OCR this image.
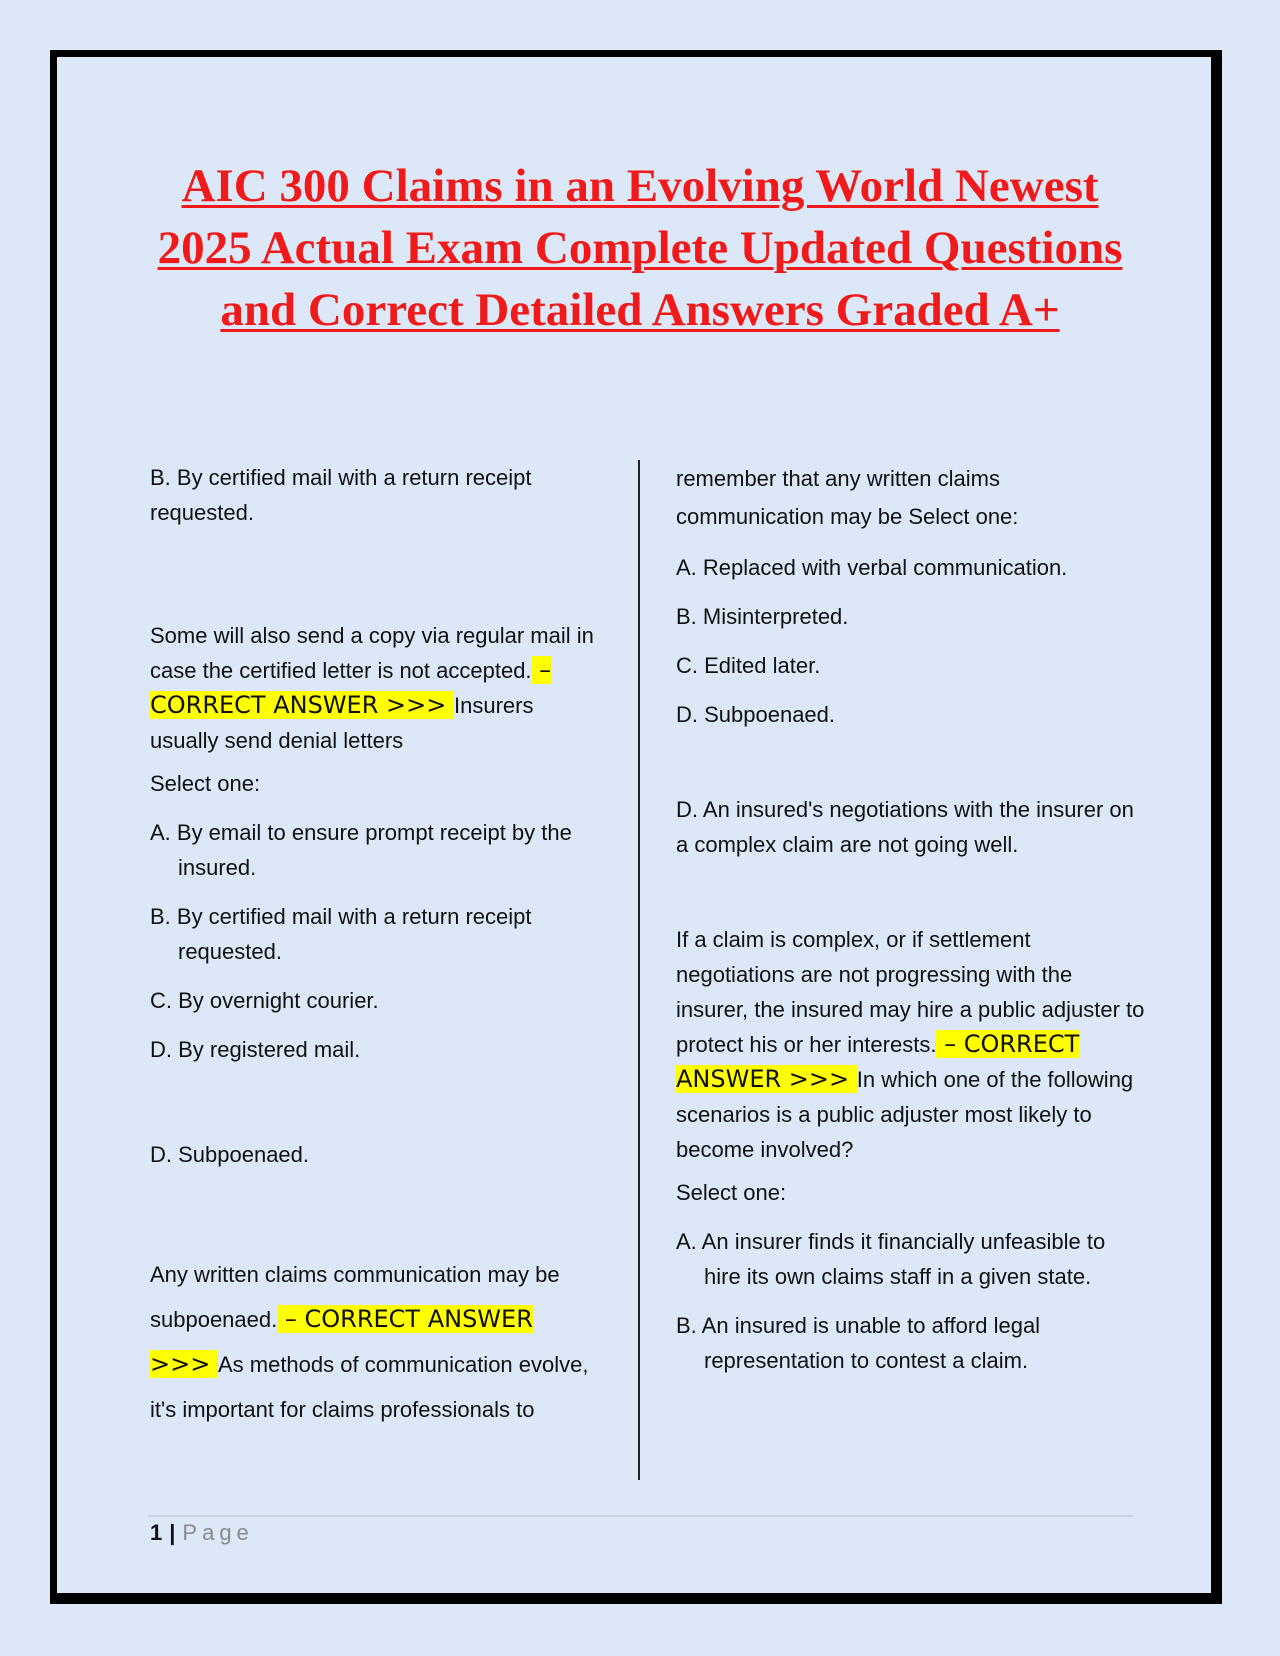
AIC 300 Claims in an Evolving World Newest 2025 Actual Exam Complete Updated Questions and Correct Detailed Answers Graded A+

B. By certified mail with a return receipt requested.

Some will also send a copy via regular mail in case the certified letter is not accepted. – CORRECT ANSWER >>> Insurers usually send denial letters

Select one:

A. By email to ensure prompt receipt by the insured.

B. By certified mail with a return receipt requested.

C. By overnight courier.

D. By registered mail.

D. Subpoenaed.

Any written claims communication may be subpoenaed. – CORRECT ANSWER >>> As methods of communication evolve, it's important for claims professionals to

remember that any written claims communication may be Select one:

A. Replaced with verbal communication.

B. Misinterpreted.

C. Edited later.

D. Subpoenaed.

D. An insured's negotiations with the insurer on a complex claim are not going well.

If a claim is complex, or if settlement negotiations are not progressing with the insurer, the insured may hire a public adjuster to protect his or her interests. – CORRECT ANSWER >>> In which one of the following scenarios is a public adjuster most likely to become involved?

Select one:

A. An insurer finds it financially unfeasible to hire its own claims staff in a given state.

B. An insured is unable to afford legal representation to contest a claim.

1 | Page
